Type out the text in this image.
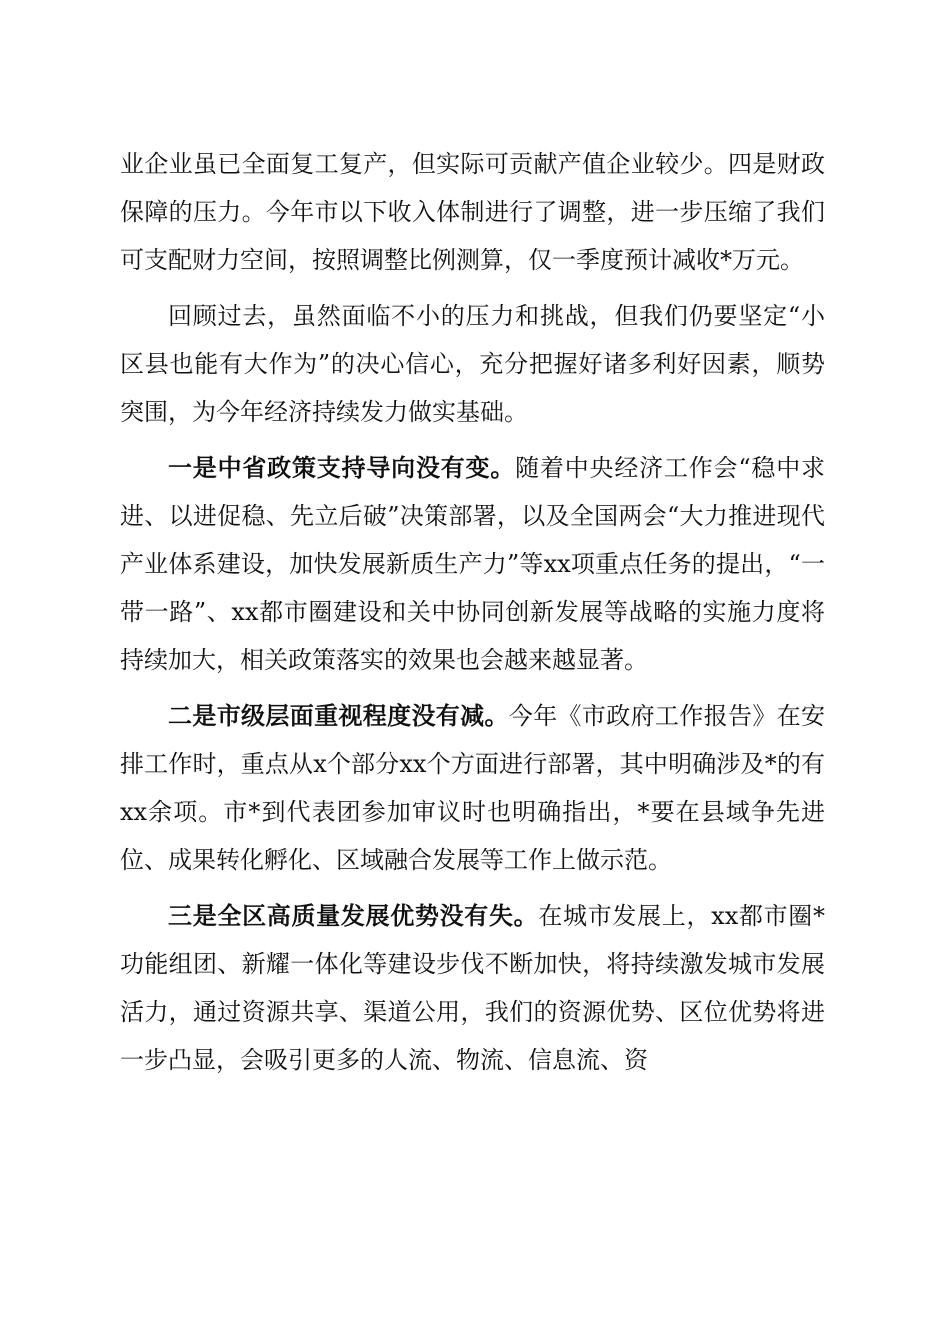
业企业虽已全面复工复产，但实际可贡献产值企业较少。四是财政保障的压力。今年市以下收入体制进行了调整，进一步压缩了我们可支配财力空间，按照调整比例测算，仅一季度预计减收*万元。

回顾过去，虽然面临不小的压力和挑战，但我们仍要坚定“小区县也能有大作为”的决心信心，充分把握好诸多利好因素，顺势突围，为今年经济持续发力做实基础。

一是中省政策支持导向没有变。随着中央经济工作会“稳中求进、以进促稳、先立后破”决策部署，以及全国两会“大力推进现代产业体系建设，加快发展新质生产力”等xx项重点任务的提出，“一带一路”、xx都市圈建设和关中协同创新发展等战略的实施力度将持续加大，相关政策落实的效果也会越来越显著。

二是市级层面重视程度没有减。今年《市政府工作报告》在安排工作时，重点从x个部分xx个方面进行部署，其中明确涉及*的有xx余项。市*到代表团参加审议时也明确指出，*要在县域争先进位、成果转化孵化、区域融合发展等工作上做示范。

三是全区高质量发展优势没有失。在城市发展上，xx都市圈*功能组团、新耀一体化等建设步伐不断加快，将持续激发城市发展活力，通过资源共享、渠道公用，我们的资源优势、区位优势将进一步凸显，会吸引更多的人流、物流、信息流、资
